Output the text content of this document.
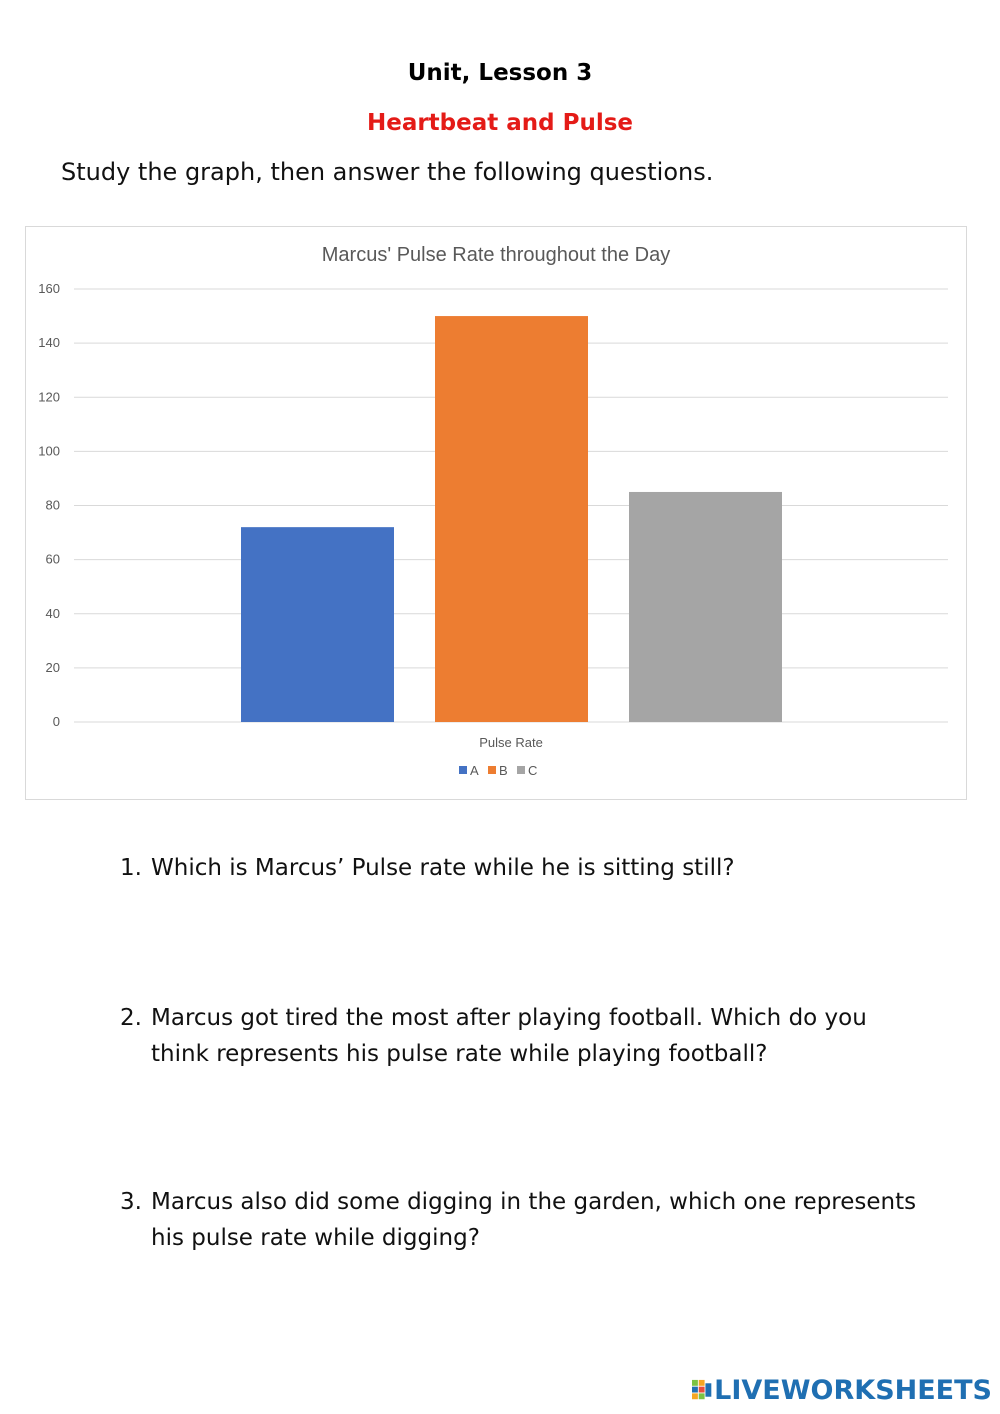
Unit, Lesson 3
Heartbeat and Pulse
Study the graph, then answer the following questions.
Marcus' Pulse Rate throughout the Day
0
20
40
60
80
100
120
140
160
Pulse Rate
A B C
1. Which is Marcus’ Pulse rate while he is sitting still?
2. Marcus got tired the most after playing football. Which do you
think represents his pulse rate while playing football?
3. Marcus also did some digging in the garden, which one represents
his pulse rate while digging?
LIVEWORKSHEETS
